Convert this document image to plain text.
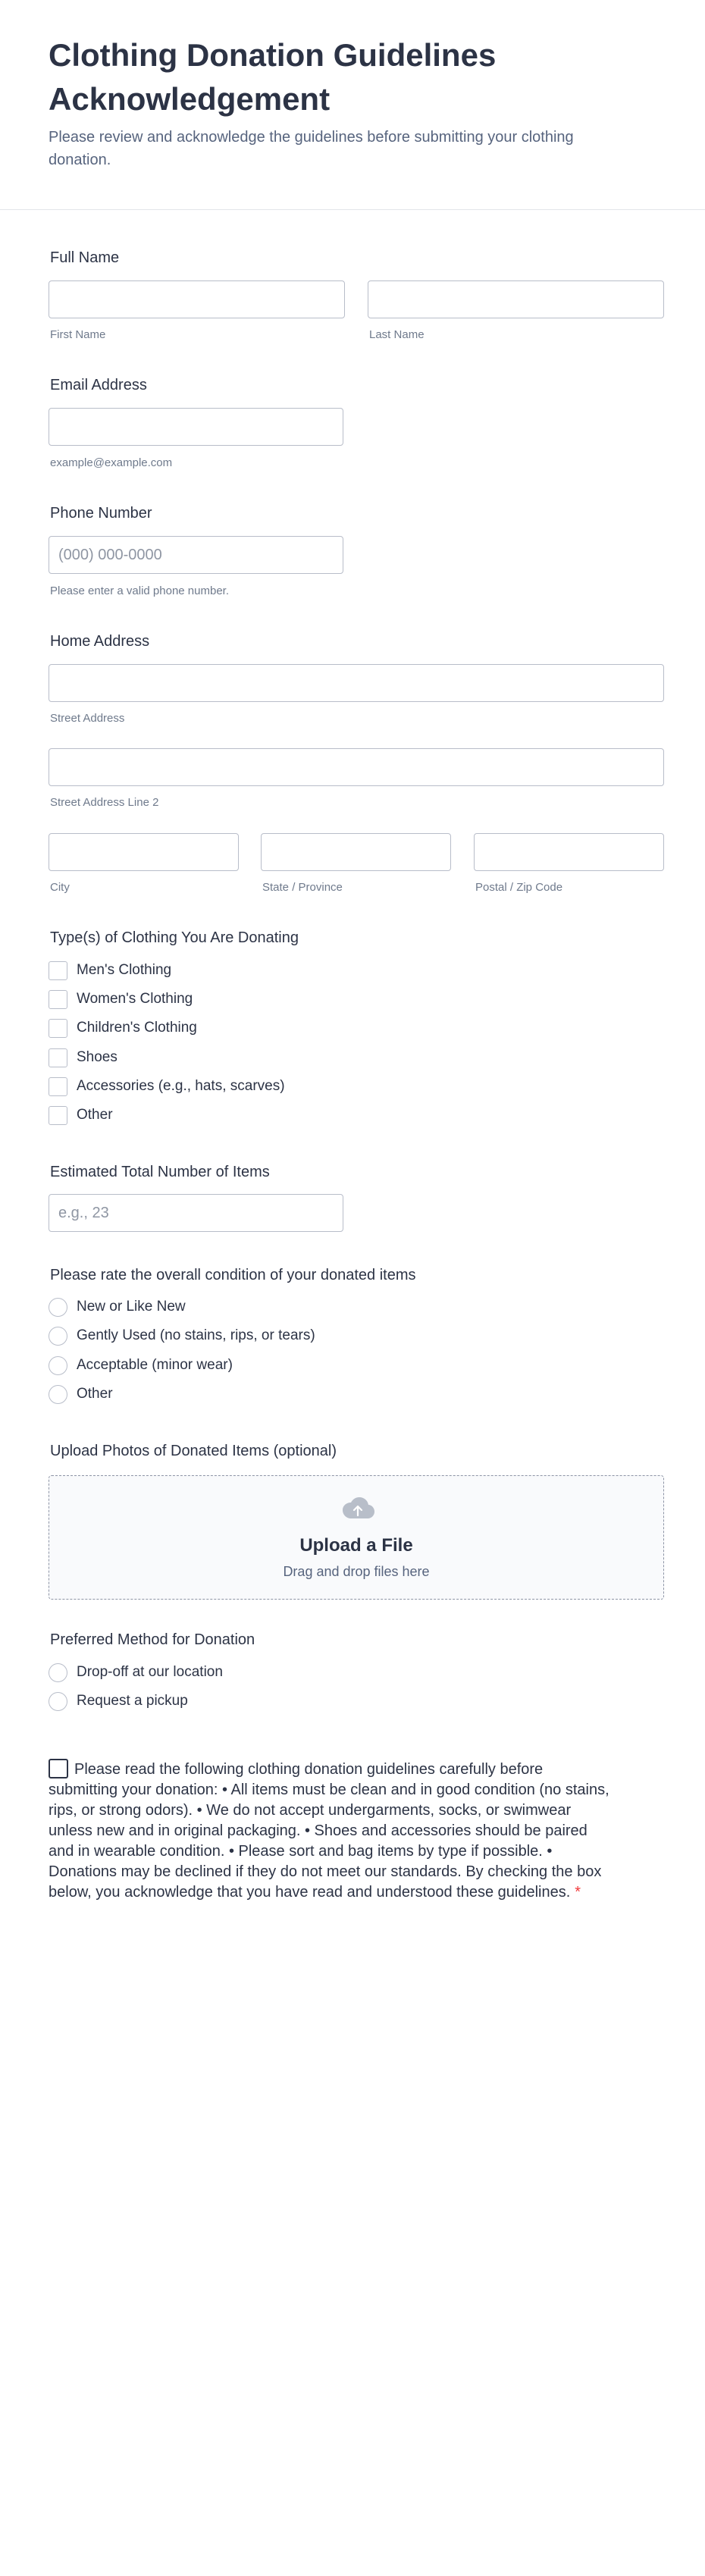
Clothing Donation Guidelines Acknowledgement
Please review and acknowledge the guidelines before submitting your clothing donation.
Full Name
First Name	Last Name
Email Address
example@example.com
Phone Number
(000) 000-0000
Please enter a valid phone number.
Home Address
Street Address
Street Address Line 2
City	State / Province	Postal / Zip Code
Type(s) of Clothing You Are Donating
Men's Clothing
Women's Clothing
Children's Clothing
Shoes
Accessories (e.g., hats, scarves)
Other
Estimated Total Number of Items
e.g., 23
Please rate the overall condition of your donated items
New or Like New
Gently Used (no stains, rips, or tears)
Acceptable (minor wear)
Other
Upload Photos of Donated Items (optional)
Upload a File
Drag and drop files here
Preferred Method for Donation
Drop-off at our location
Request a pickup
Please read the following clothing donation guidelines carefully before submitting your donation: • All items must be clean and in good condition (no stains, rips, or strong odors). • We do not accept undergarments, socks, or swimwear unless new and in original packaging. • Shoes and accessories should be paired and in wearable condition. • Please sort and bag items by type if possible. • Donations may be declined if they do not meet our standards. By checking the box below, you acknowledge that you have read and understood these guidelines. *
